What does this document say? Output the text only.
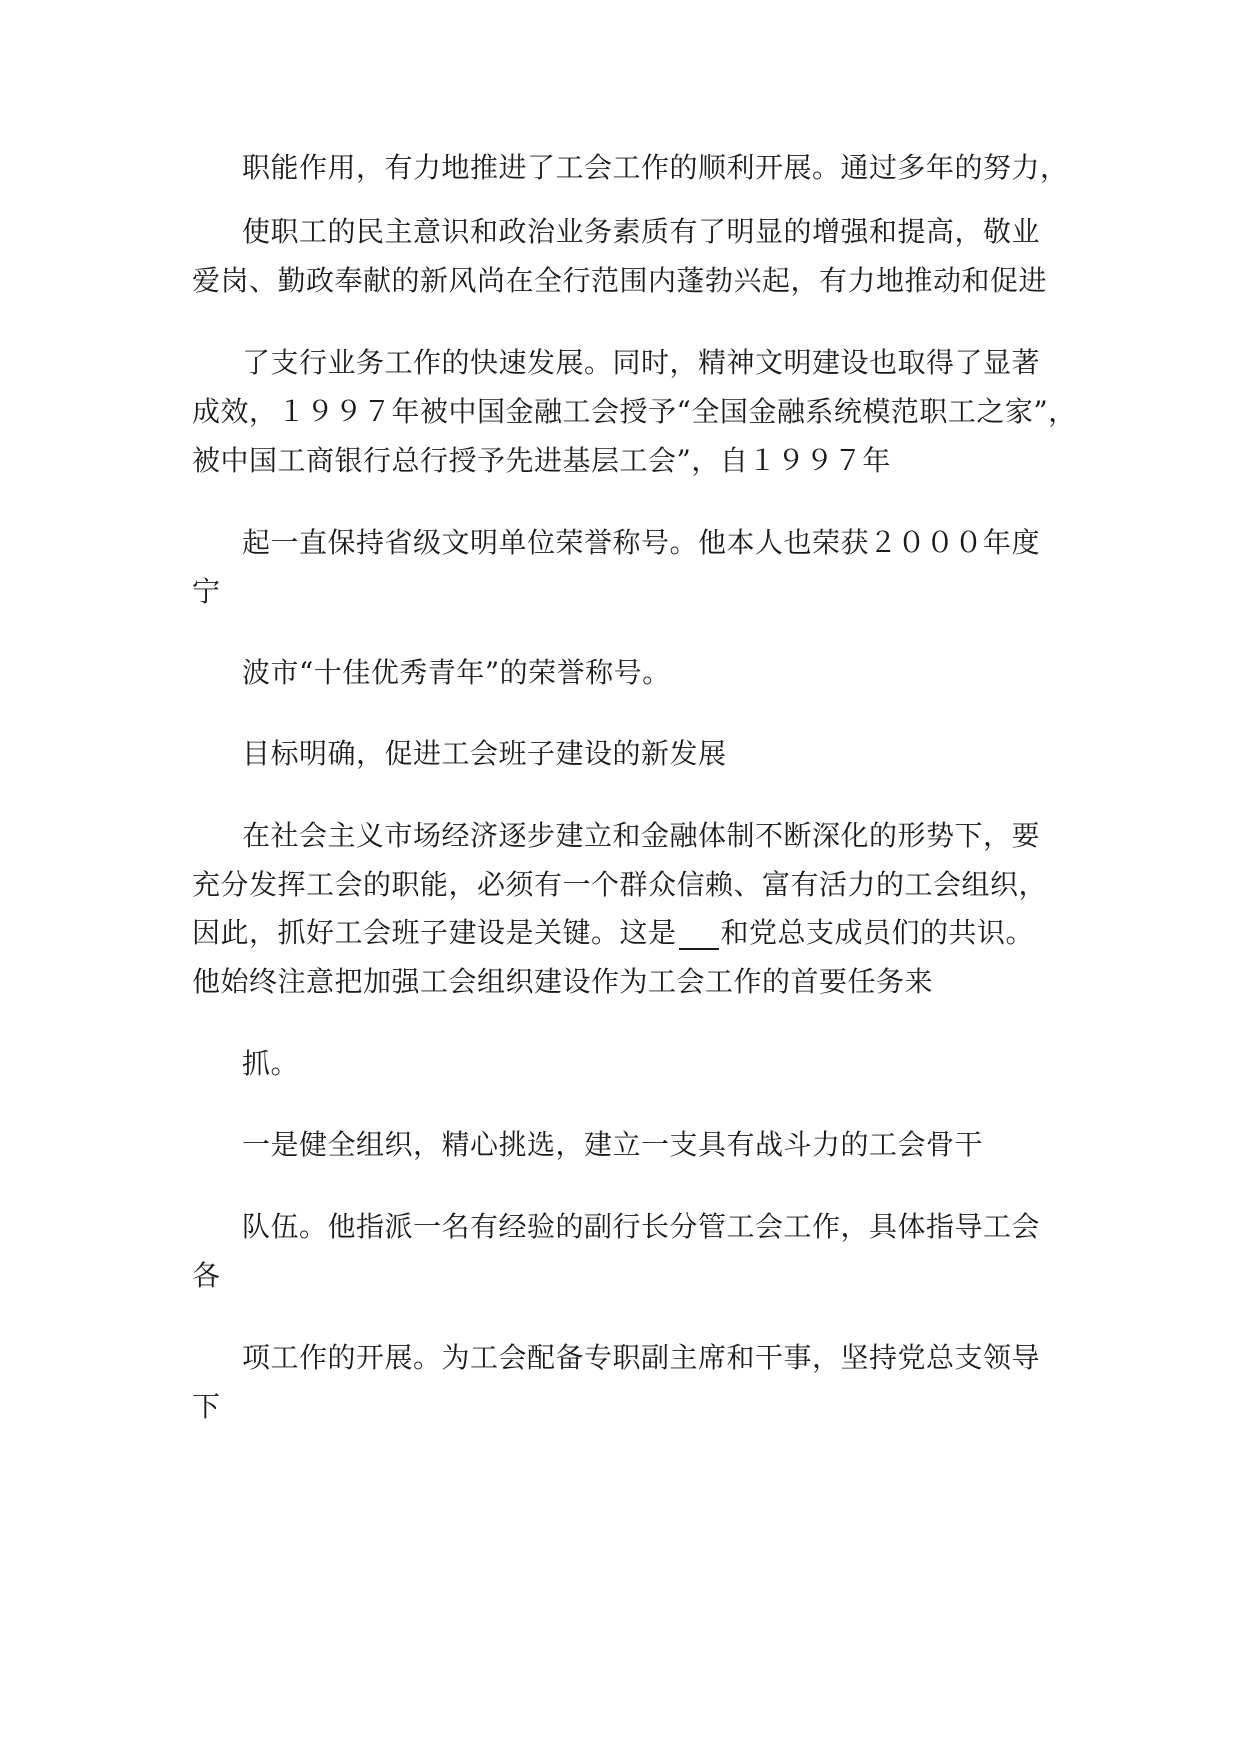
职能作用，有力地推进了工会工作的顺利开展。通过多年的努力，
使职工的民主意识和政治业务素质有了明显的增强和提高，敬业
爱岗、勤政奉献的新风尚在全行范围内蓬勃兴起，有力地推动和促进
了支行业务工作的快速发展。同时，精神文明建设也取得了显著
成效，１９９７年被中国金融工会授予“全国金融系统模范职工之家”，
被中国工商银行总行授予先进基层工会”，自１９９７年
起一直保持省级文明单位荣誉称号。他本人也荣获２０００年度
宁
波市“十佳优秀青年”的荣誉称号。
目标明确，促进工会班子建设的新发展
在社会主义市场经济逐步建立和金融体制不断深化的形势下，要
充分发挥工会的职能，必须有一个群众信赖、富有活力的工会组织，
因此，抓好工会班子建设是关键。这是 和党总支成员们的共识。
他始终注意把加强工会组织建设作为工会工作的首要任务来
抓。
一是健全组织，精心挑选，建立一支具有战斗力的工会骨干
队伍。他指派一名有经验的副行长分管工会工作，具体指导工会
各
项工作的开展。为工会配备专职副主席和干事，坚持党总支领导
下
